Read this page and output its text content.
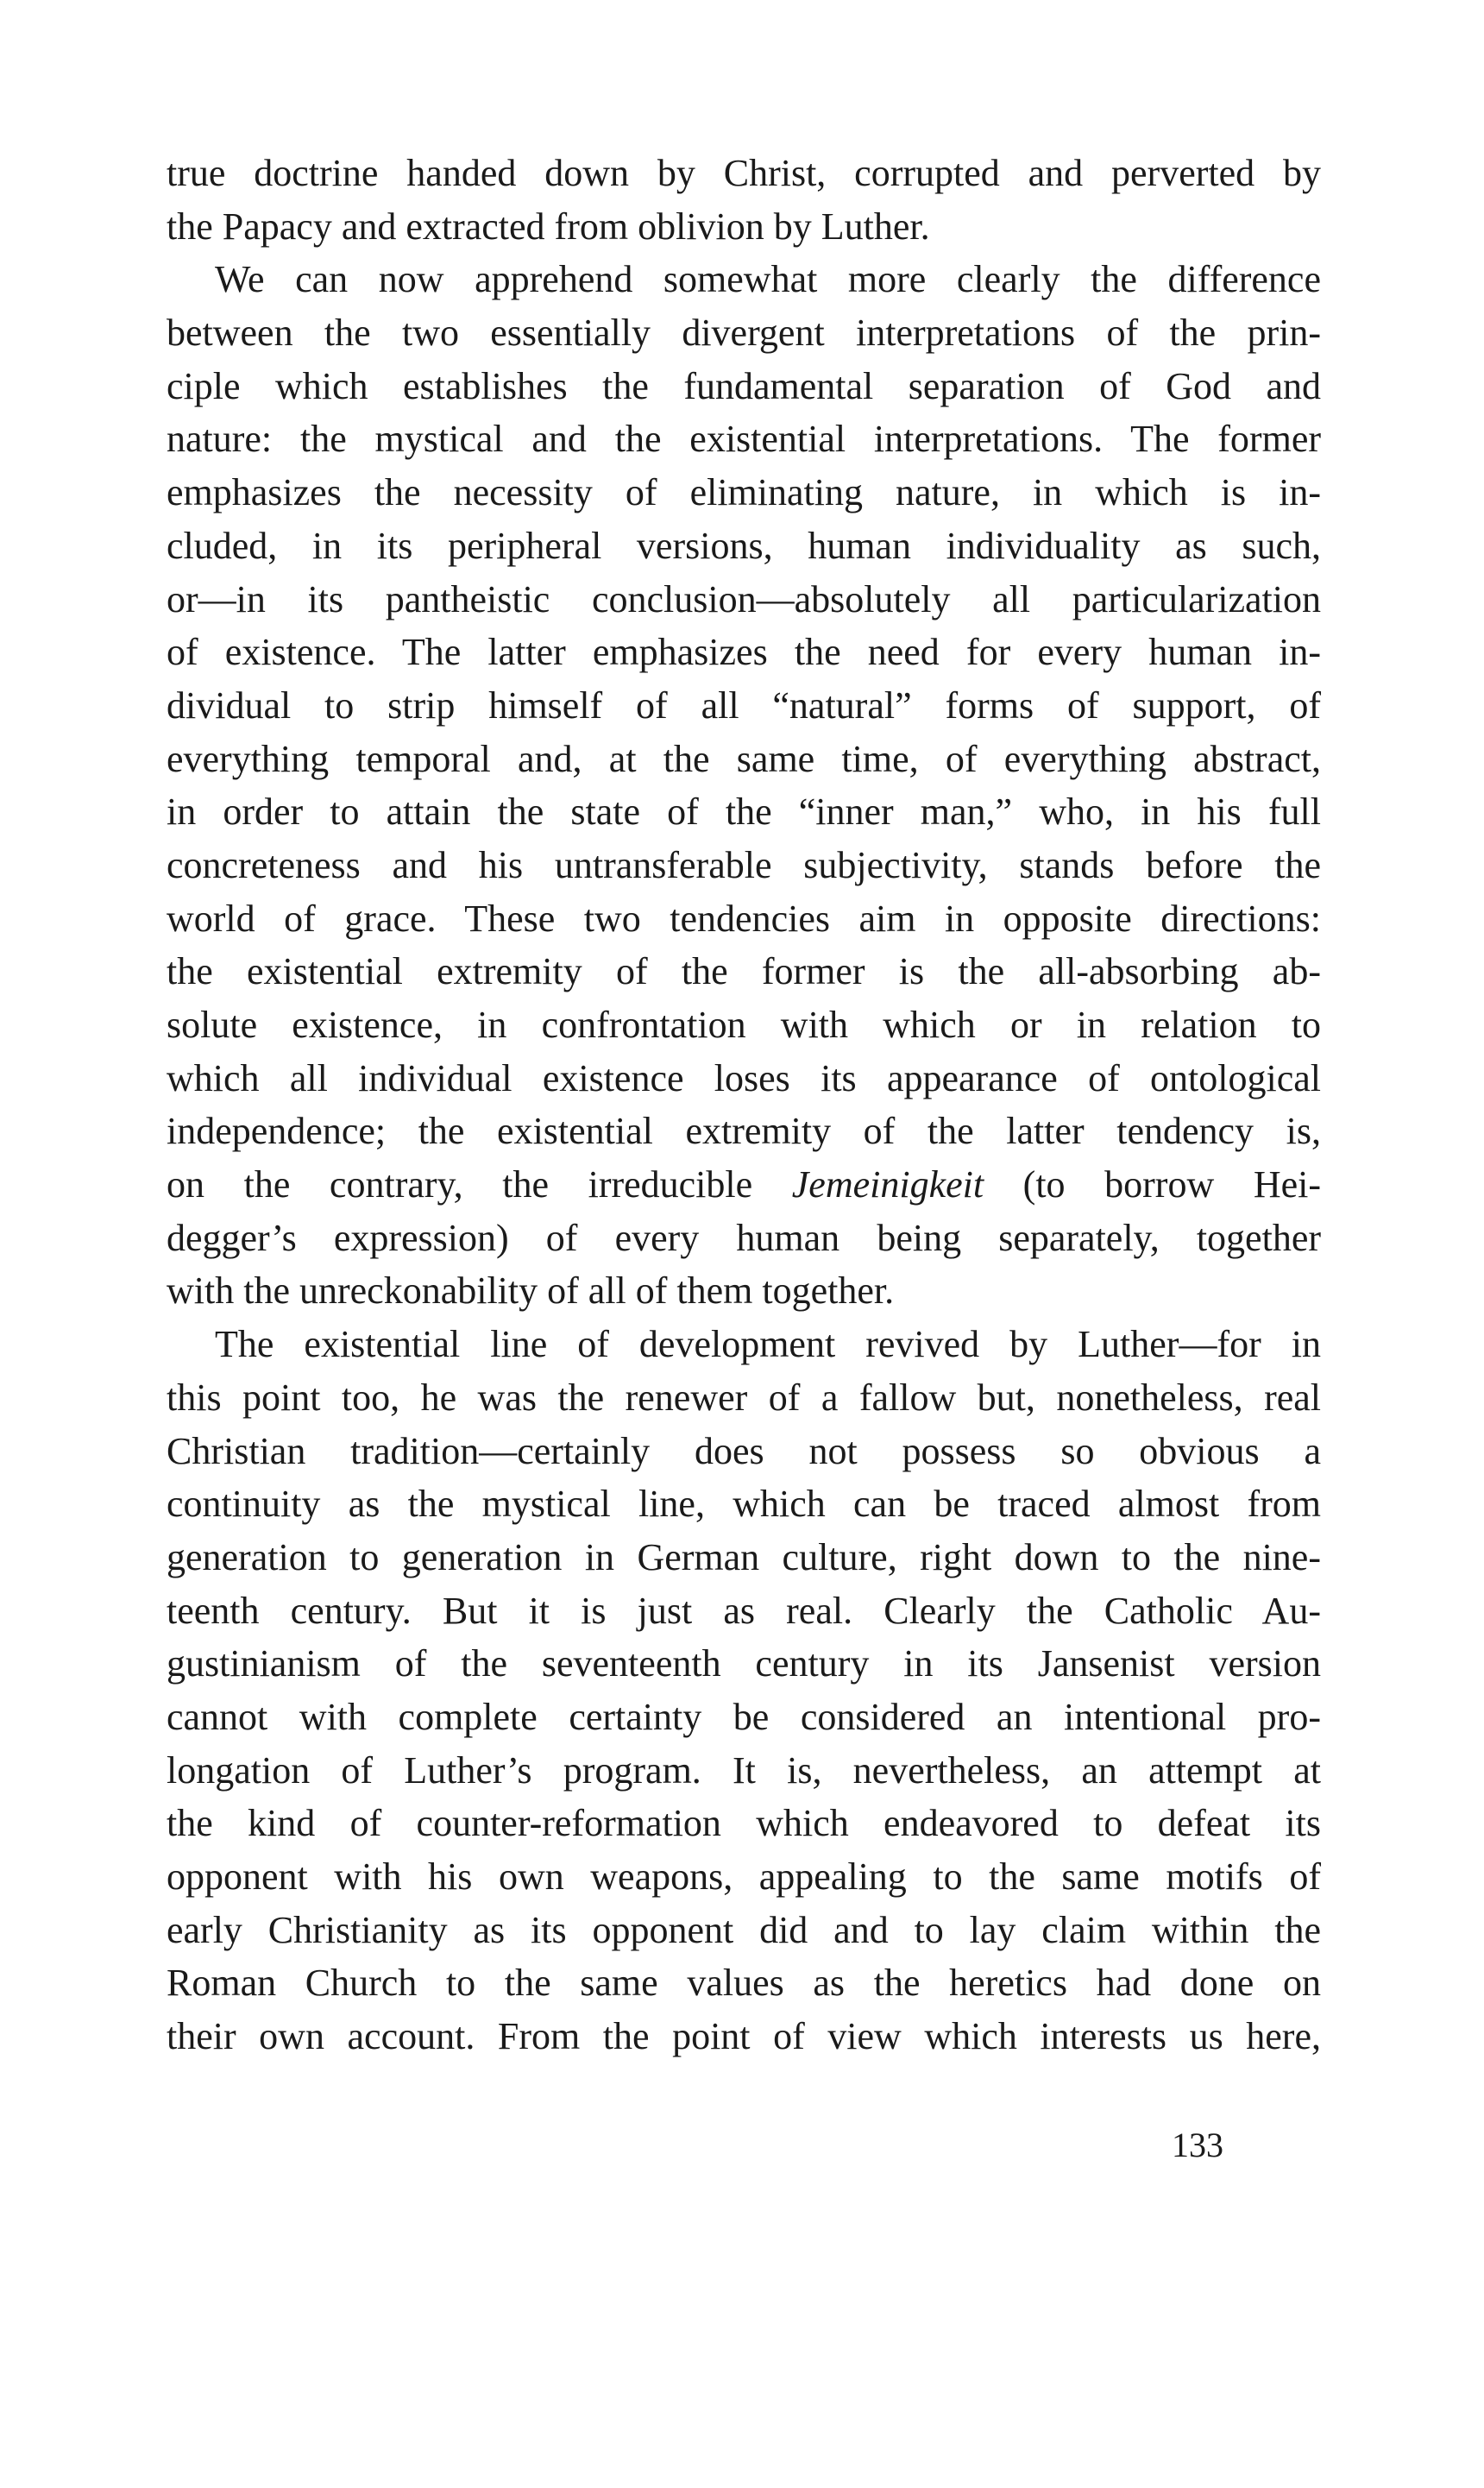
true doctrine handed down by Christ, corrupted and perverted by
the Papacy and extracted from oblivion by Luther.
We can now apprehend somewhat more clearly the difference
between the two essentially divergent interpretations of the prin-
ciple which establishes the fundamental separation of God and
nature: the mystical and the existential interpretations. The former
emphasizes the necessity of eliminating nature, in which is in-
cluded, in its peripheral versions, human individuality as such,
or—in its pantheistic conclusion—absolutely all particularization
of existence. The latter emphasizes the need for every human in-
dividual to strip himself of all “natural” forms of support, of
everything temporal and, at the same time, of everything abstract,
in order to attain the state of the “inner man,” who, in his full
concreteness and his untransferable subjectivity, stands before the
world of grace. These two tendencies aim in opposite directions:
the existential extremity of the former is the all-absorbing ab-
solute existence, in confrontation with which or in relation to
which all individual existence loses its appearance of ontological
independence; the existential extremity of the latter tendency is,
on the contrary, the irreducible Jemeinigkeit (to borrow Hei-
degger’s expression) of every human being separately, together
with the unreckonability of all of them together.
The existential line of development revived by Luther—for in
this point too, he was the renewer of a fallow but, nonetheless, real
Christian tradition—certainly does not possess so obvious a
continuity as the mystical line, which can be traced almost from
generation to generation in German culture, right down to the nine-
teenth century. But it is just as real. Clearly the Catholic Au-
gustinianism of the seventeenth century in its Jansenist version
cannot with complete certainty be considered an intentional pro-
longation of Luther’s program. It is, nevertheless, an attempt at
the kind of counter-reformation which endeavored to defeat its
opponent with his own weapons, appealing to the same motifs of
early Christianity as its opponent did and to lay claim within the
Roman Church to the same values as the heretics had done on
their own account. From the point of view which interests us here,
133
